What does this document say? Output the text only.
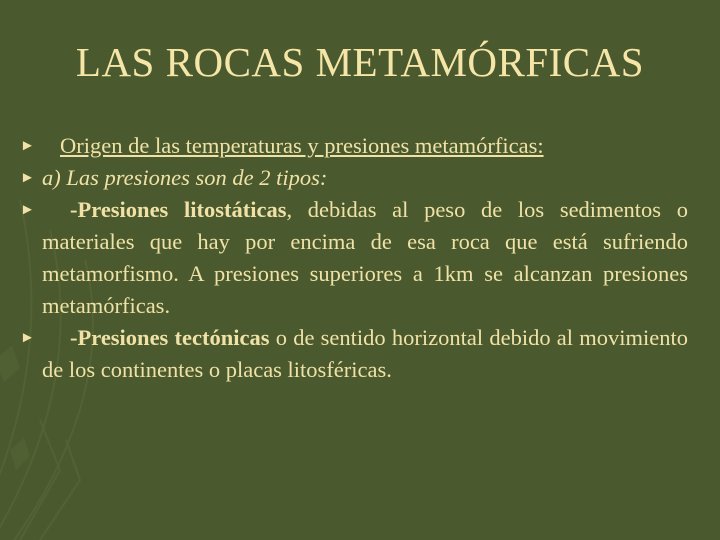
LAS ROCAS METAMÓRFICAS
►	Origen de las temperaturas y presiones metamórficas:
► a) Las presiones son de 2 tipos:
►	-Presiones litostáticas, debidas al peso de los sedimentos o materiales que hay por encima de esa roca que está sufriendo metamorfismo. A presiones superiores a 1km se alcanzan presiones metamórficas.
►	-Presiones tectónicas o de sentido horizontal debido al movimiento de los continentes o placas litosféricas.
